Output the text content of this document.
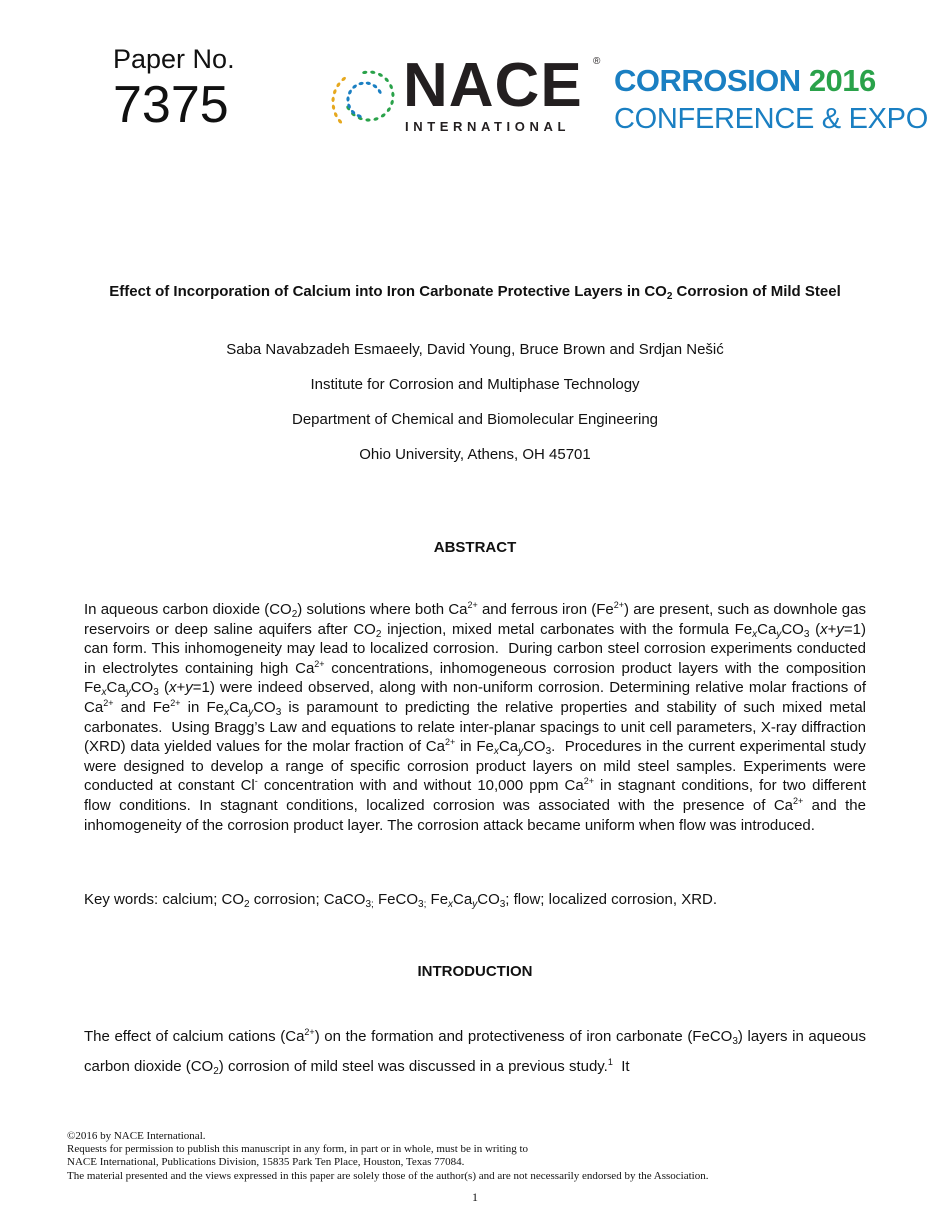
Paper No.
7375	NACE ®
INTERNATIONAL
CORROSION 2016
CONFERENCE & EXPO
Effect of Incorporation of Calcium into Iron Carbonate Protective Layers in $CO_2$ Corrosion of Mild Steel
Saba Navabzadeh Esmaeely, David Young, Bruce Brown and Srdjan Nešić
Institute for Corrosion and Multiphase Technology
Department of Chemical and Biomolecular Engineering
Ohio University, Athens, OH 45701
ABSTRACT
In aqueous carbon dioxide $(CO_2)$ solutions where both $Ca^{2+}$ and ferrous iron $(Fe^{2+})$ are present, such as downhole gas reservoirs or deep saline aquifers after $CO_2$ injection, mixed metal carbonates with the formula $Fe_xCa_yCO_3$ (x+y=1) can form. This inhomogeneity may lead to localized corrosion.  During carbon steel corrosion experiments conducted in electrolytes containing high $Ca^{2+}$ concentrations, inhomogeneous corrosion product layers with the composition $Fe_xCa_yCO_3$ (x+y=1) were indeed observed, along with non-uniform corrosion. Determining relative molar fractions of $Ca^{2+}$ and $Fe^{2+}$ in $Fe_xCa_yCO_3$ is paramount to predicting the relative properties and stability of such mixed metal carbonates.  Using Bragg’s Law and equations to relate inter-planar spacings to unit cell parameters, X-ray diffraction (XRD) data yielded values for the molar fraction of $Ca^{2+}$ in $Fe_xCa_yCO_3$.  Procedures in the current experimental study were designed to develop a range of specific corrosion product layers on mild steel samples. Experiments were conducted at constant Cl- concentration with and without 10,000 ppm $Ca^{2+}$ in stagnant conditions, for two different flow conditions. In stagnant conditions, localized corrosion was associated with the presence of $Ca^{2+}$ and the inhomogeneity of the corrosion product layer. The corrosion attack became uniform when flow was introduced.
Key words: calcium; $CO_2$ corrosion; CaCO$_{3;}$ FeCO$_{3;}$ $Fe_xCa_yCO_3$; flow; localized corrosion, XRD.
INTRODUCTION
The effect of calcium cations $(Ca^{2+})$ on the formation and protectiveness of iron carbonate (FeCO$_3$) layers in aqueous carbon dioxide $(CO_2)$ corrosion of mild steel was discussed in a previous study.$^1$  It
©2016 by NACE International.
Requests for permission to publish this manuscript in any form, in part or in whole, must be in writing to
NACE International, Publications Division, 15835 Park Ten Place, Houston, Texas 77084.
The material presented and the views expressed in this paper are solely those of the author(s) and are not necessarily endorsed by the Association.
1
